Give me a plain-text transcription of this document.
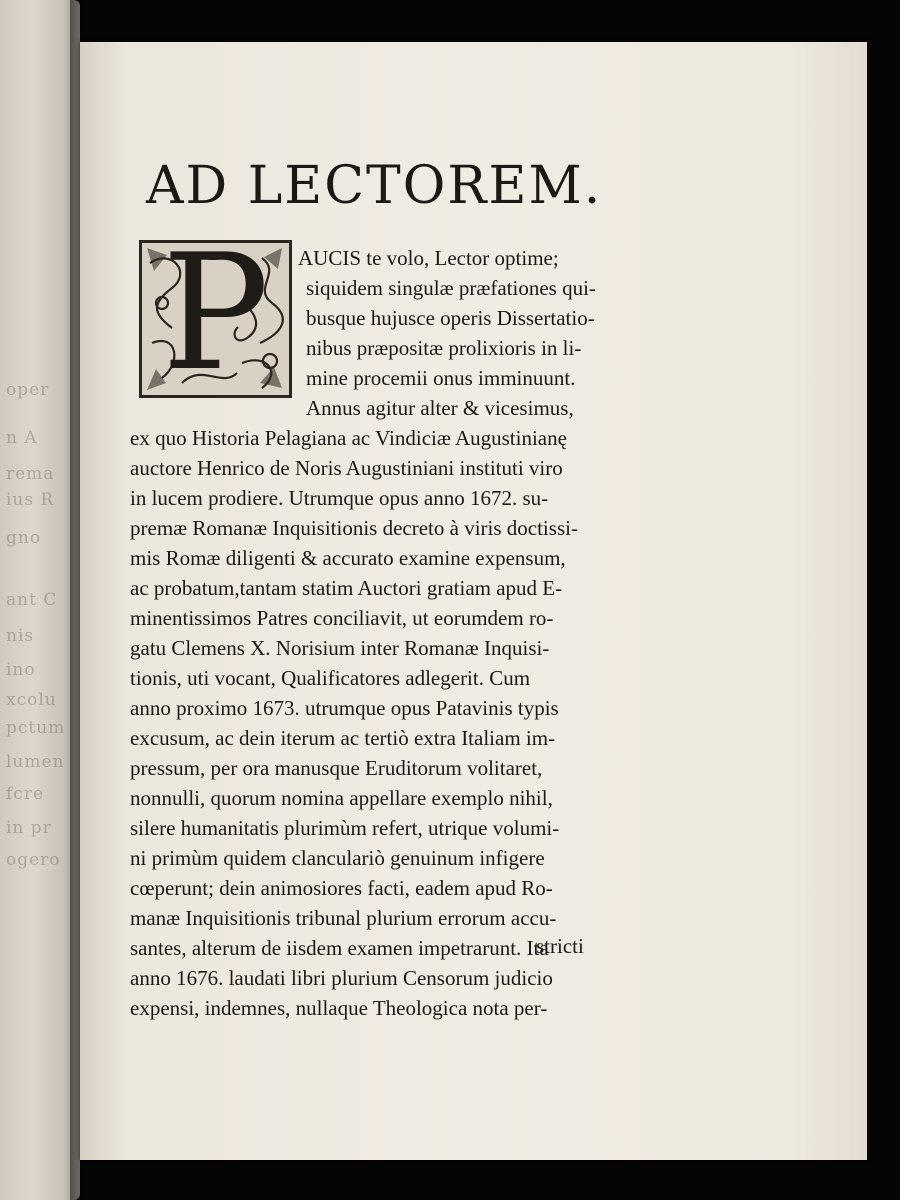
oper
n A
rema
ius R
gno
ant C
nis
ino
xcolu
pctum
lumen
fcre
in pr
ogero
AD LECTOREM.
P	AUCIS te volo, Lector optime;
siquidem singulæ præfationes qui-
busque hujusce operis Dissertatio-
nibus præpositæ prolixioris in li-
mine procemii onus imminuunt.
Annus agitur alter & vicesimus,
ex quo Historia Pelagiana ac Vindiciæ Augustinianę
auctore Henrico de Noris Augustiniani instituti viro
in lucem prodiere. Utrumque opus anno 1672. su-
premæ Romanæ Inquisitionis decreto à viris doctissi-
mis Romæ diligenti & accurato examine expensum,
ac probatum,tantam statim Auctori gratiam apud E-
minentissimos Patres conciliavit, ut eorumdem ro-
gatu Clemens X. Norisium inter Romanæ Inquisi-
tionis, uti vocant, Qualificatores adlegerit. Cum
anno proximo 1673. utrumque opus Patavinis typis
excusum, ac dein iterum ac tertiò extra Italiam im-
pressum, per ora manusque Eruditorum volitaret,
nonnulli, quorum nomina appellare exemplo nihil,
silere humanitatis plurimùm refert, utrique volumi-
ni primùm quidem clanculariò genuinum infigere
cœperunt; dein animosiores facti, eadem apud Ro-
manæ Inquisitionis tribunal plurium errorum accu-
santes, alterum de iisdem examen impetrarunt. Ita
anno 1676. laudati libri plurium Censorum judicio
expensi, indemnes, nullaque Theologica nota per-
stricti
